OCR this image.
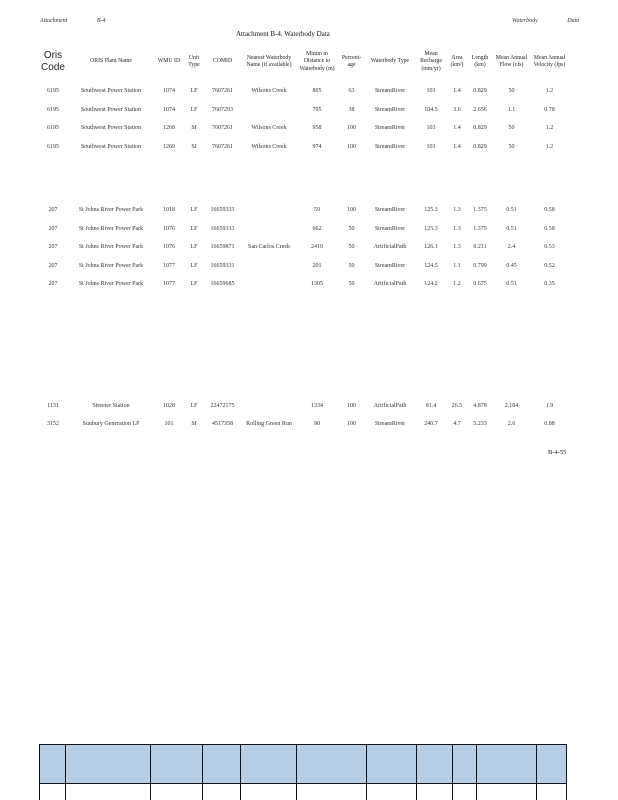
Attachment	B-4	Waterbody	Data
Attachment B-4. Waterbody Data
Oris Code	ORIS Plant Name	WMU ID	Unit Type	COMID	Nearest Waterbody Name (if available)	Minim m Distance to Waterbody (m)	Percent-age	Waterbody Type	Mean Recharge (mm/yr)	Area (km²)	Length (km)	Mean Annual Flow (cfs)	Mean Annual Velocity (fps)
6195	Southwest Power Station	1074	LF	7607261	Wilsons Creek	805	63	StreamRiver	103	1.4	0.829	50	1.2
6195	Southwest Power Station	1074	LF	7607293		795	38	StreamRiver	104.5	3.6	2.656	1.1	0.78
6195	Southwest Power Station	1268	SI	7607261	Wilsons Creek	958	100	StreamRiver	103	1.4	0.829	50	1.2
6195	Southwest Power Station	1269	SI	7607261	Wilsons Creek	974	100	StreamRiver	103	1.4	0.829	50	1.2

207	St Johns River Power Park	1018	LF	16659333		59	100	StreamRiver	125.3	1.3	1.375	0.51	0.58
207	St Johns River Power Park	1076	LF	16659333		662	50	StreamRiver	125.3	1.3	1.375	0.51	0.58
207	St Johns River Power Park	1076	LF	16659871	San Carlos Creek	2410	50	ArtificialPath	126.1	1.3	0.211	2.4	0.53
207	St Johns River Power Park	1077	LF	16659331		201	50	StreamRiver	124.5	1.1	0.799	0.45	0.52
207	St Johns River Power Park	1077	LF	16659685		1305	50	ArtificialPath	124.2	1.2	0.675	0.51	0.35

1131	Streeter Station	1028	LF	22472175		1334	100	ArtificialPath	81.4	26.5	4.878	2.184	1.9
3152	Sunbury Generation LP	101	SI	4517358	Rolling Green Run	90	100	StreamRiver	240.7	4.7	5.233	2.6	0.88
B-4-55
